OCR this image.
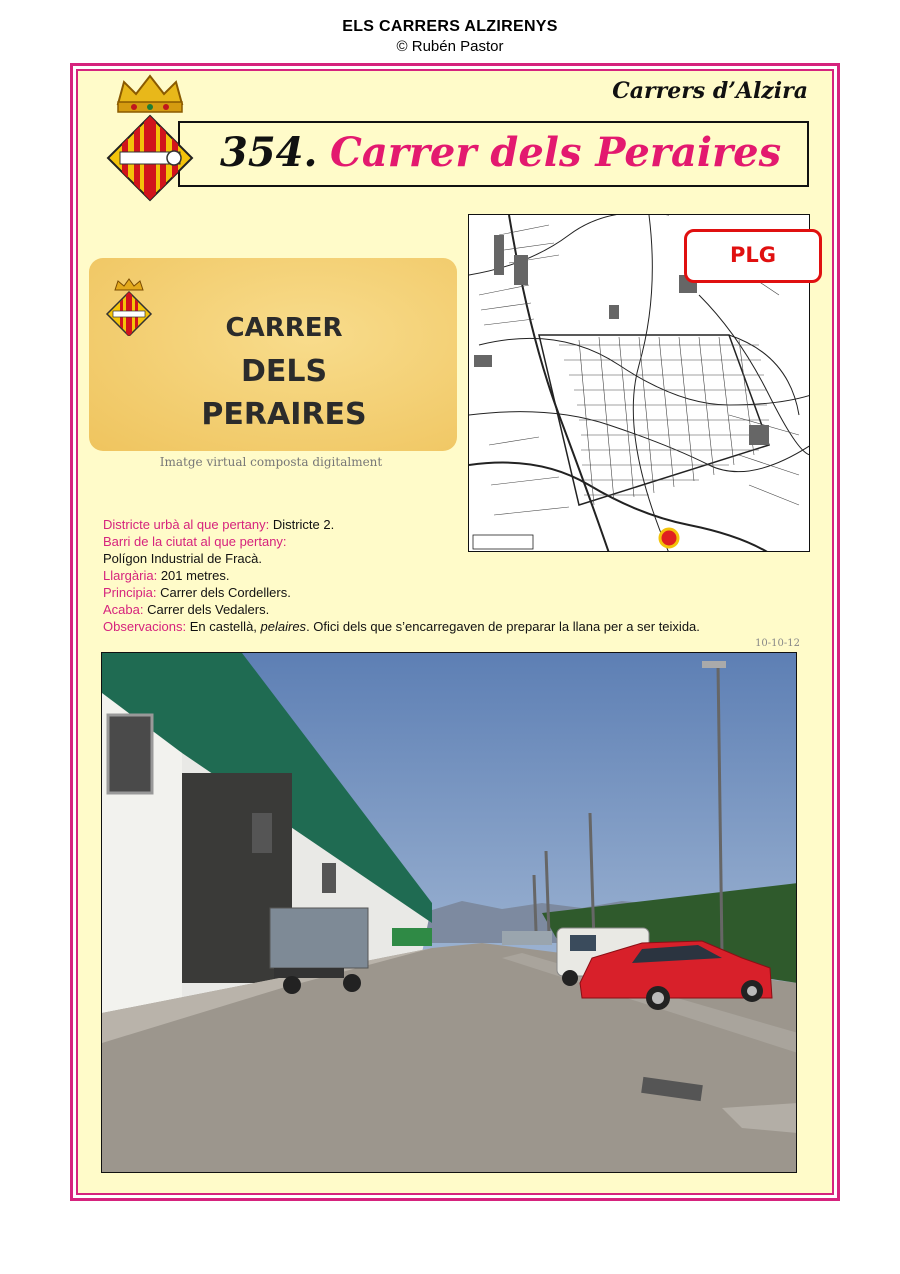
ELS CARRERS ALZIRENYS
© Rubén Pastor
Carrers d’Alzira
354. Carrer dels Peraires
CARRER
DELS
PERAIRES
Imatge virtual composta digitalment
PLG
Districte urbà al que pertany: Districte 2.
Barri de la ciutat al que pertany:
Polígon Industrial de Fracà.
Llargària: 201 metres.
Principia: Carrer dels Cordellers.
Acaba: Carrer dels Vedalers.
Observacions: En castellà, pelaires. Ofici dels que s’encarregaven de preparar la llana per a ser teixida.
10-10-12
